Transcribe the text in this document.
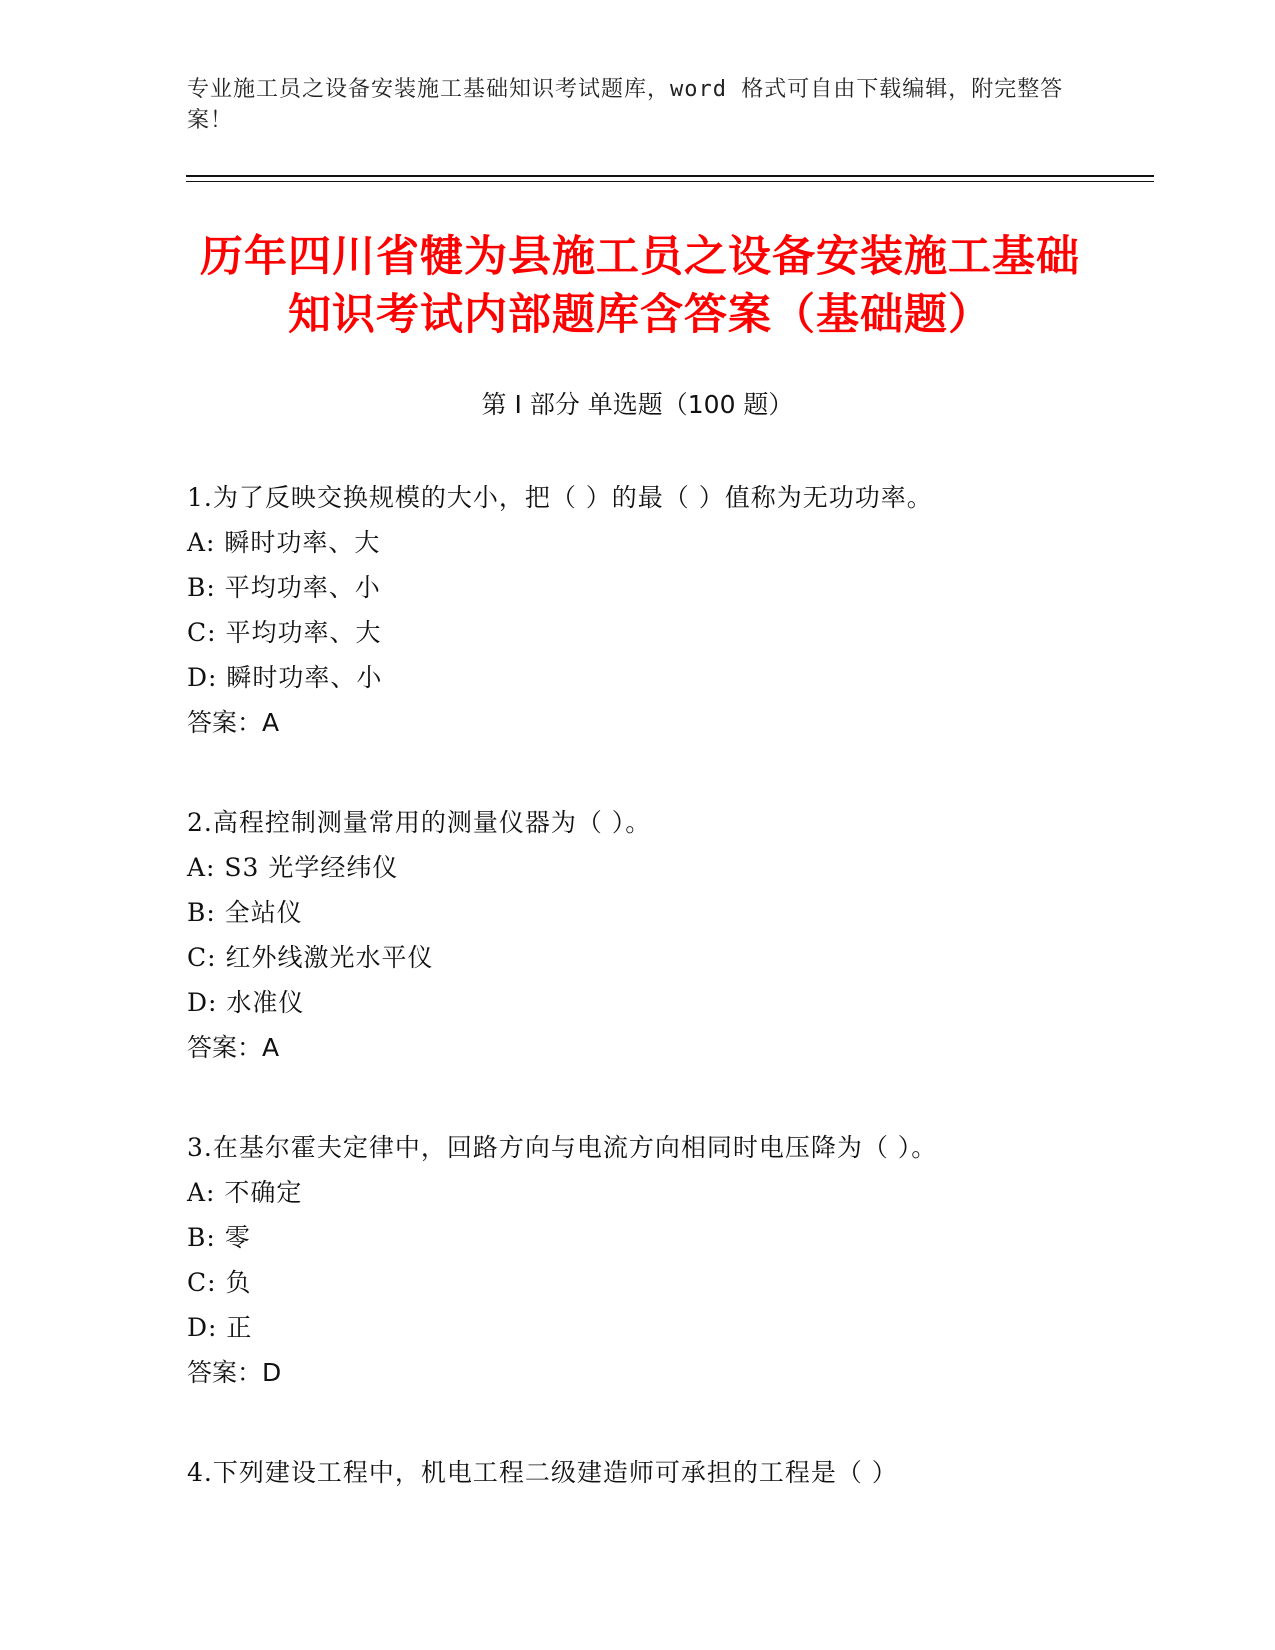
专业施工员之设备安装施工基础知识考试题库，word 格式可自由下载编辑，附完整答案！
历年四川省犍为县施工员之设备安装施工基础知识考试内部题库含答案（基础题）
第 I 部分 单选题（100 题）
1.为了反映交换规模的大小，把（ ）的最（ ）值称为无功功率。
A: 瞬时功率、大
B: 平均功率、小
C: 平均功率、大
D: 瞬时功率、小
答案：A
2.高程控制测量常用的测量仪器为（ ）。
A: S3 光学经纬仪
B: 全站仪
C: 红外线激光水平仪
D: 水准仪
答案：A
3.在基尔霍夫定律中，回路方向与电流方向相同时电压降为（ ）。
A: 不确定
B: 零
C: 负
D: 正
答案：D
4.下列建设工程中，机电工程二级建造师可承担的工程是（ ）
